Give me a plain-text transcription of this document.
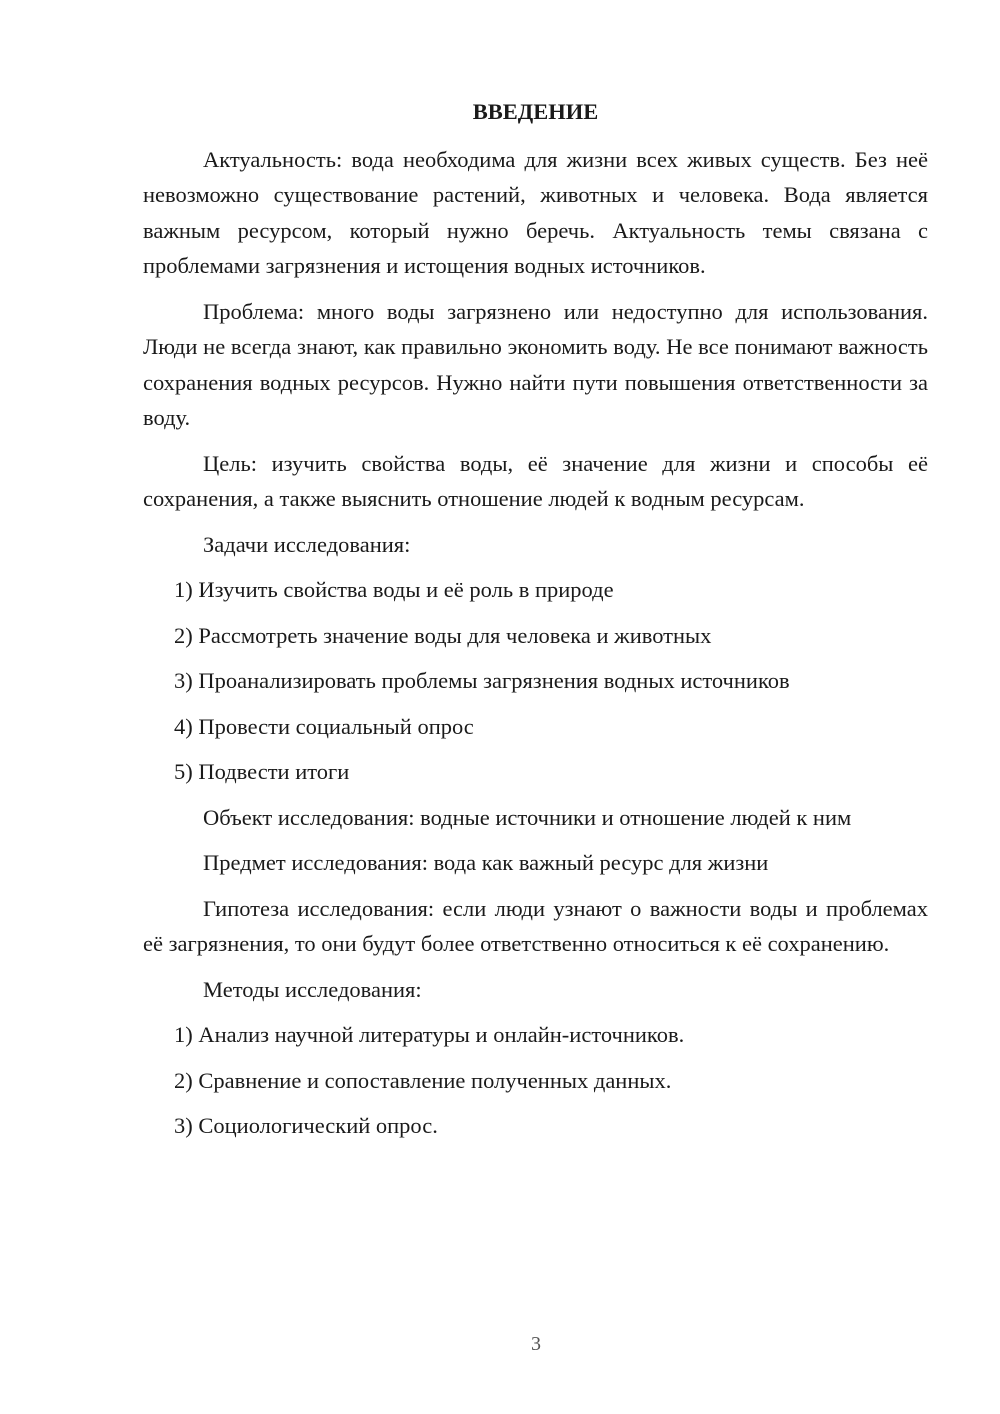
ВВЕДЕНИЕ

Актуальность: вода необходима для жизни всех живых существ. Без неё невозможно существование растений, животных и человека. Вода является важным ресурсом, который нужно беречь. Актуальность темы связана с проблемами загрязнения и истощения водных источников.

Проблема: много воды загрязнено или недоступно для использования. Люди не всегда знают, как правильно экономить воду. Не все понимают важность сохранения водных ресурсов. Нужно найти пути повышения ответственности за воду.

Цель: изучить свойства воды, её значение для жизни и способы её сохранения, а также выяснить отношение людей к водным ресурсам.

Задачи исследования:

1) Изучить свойства воды и её роль в природе

2) Рассмотреть значение воды для человека и животных

3) Проанализировать проблемы загрязнения водных источников

4) Провести социальный опрос

5) Подвести итоги

Объект исследования: водные источники и отношение людей к ним

Предмет исследования: вода как важный ресурс для жизни

Гипотеза исследования: если люди узнают о важности воды и проблемах её загрязнения, то они будут более ответственно относиться к её сохранению.

Методы исследования:

1) Анализ научной литературы и онлайн-источников.

2) Сравнение и сопоставление полученных данных.

3) Социологический опрос.

3
